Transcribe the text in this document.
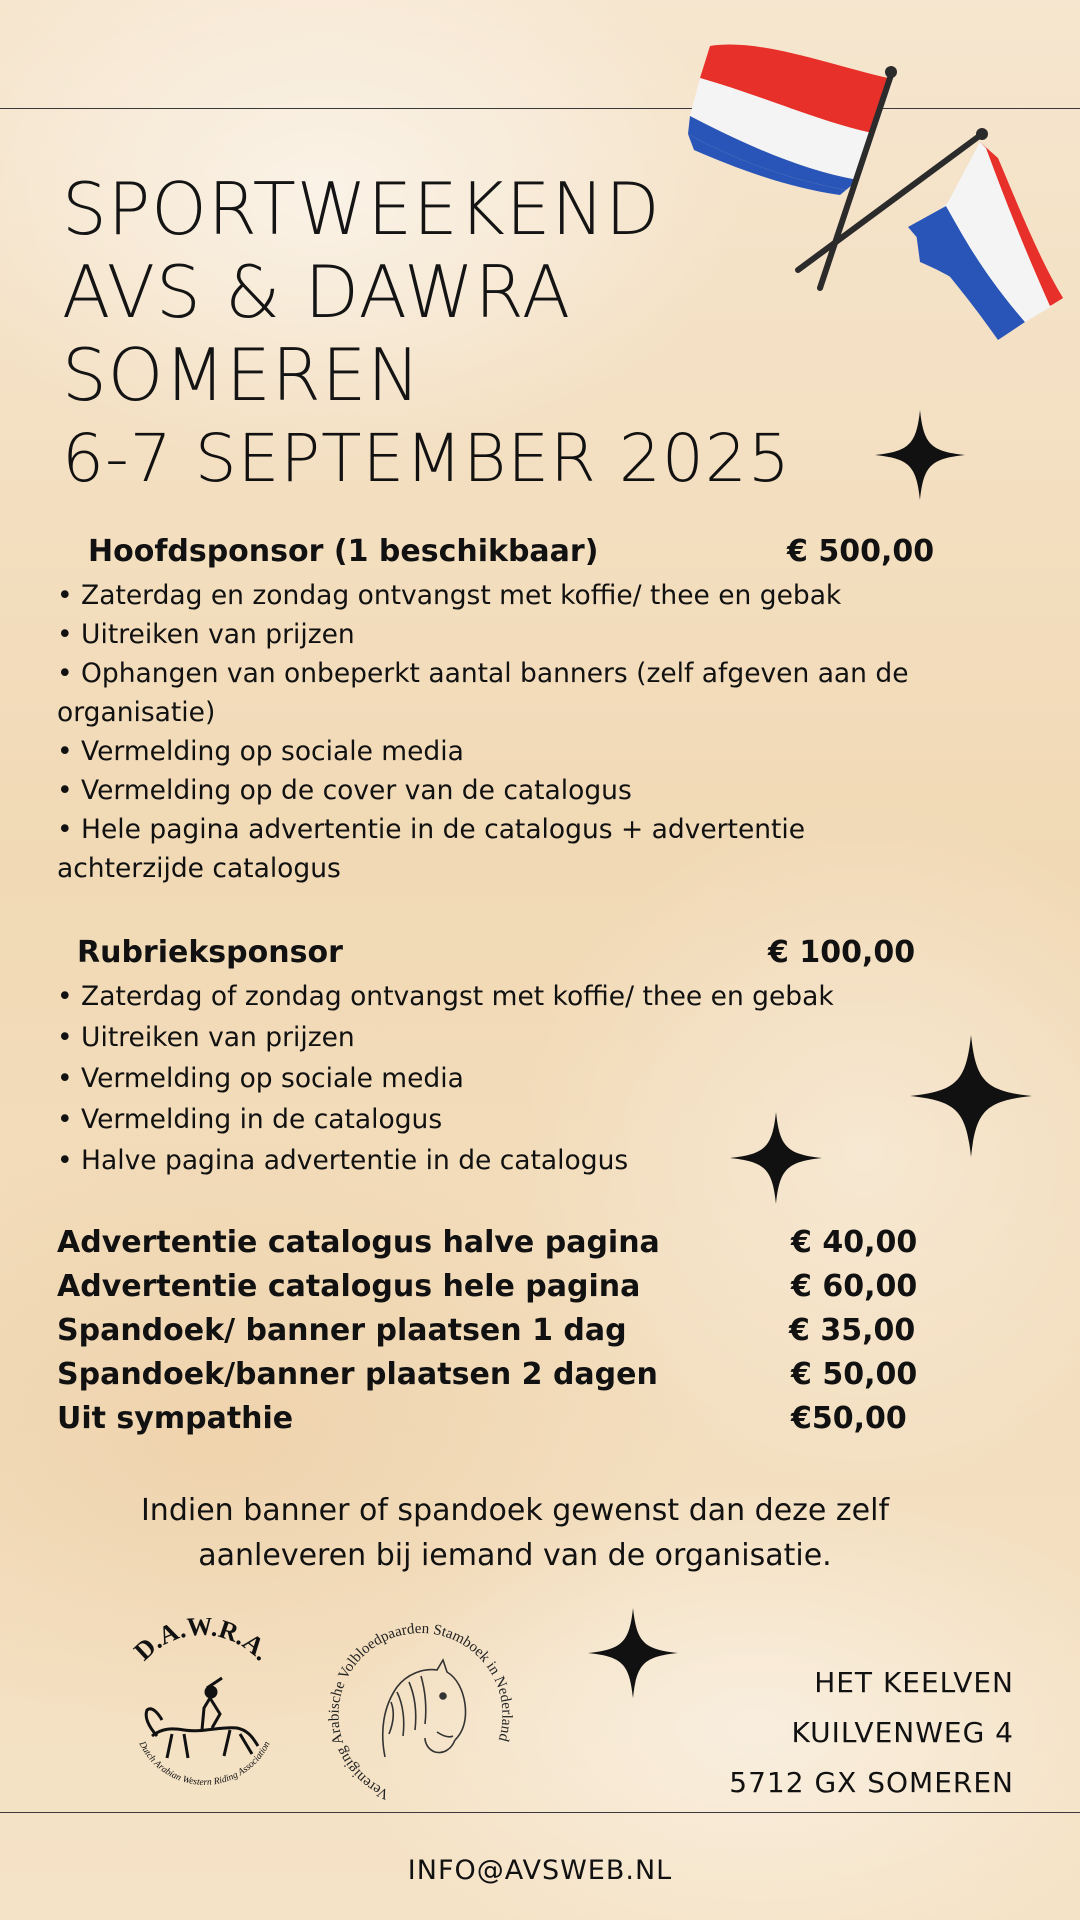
SPORTWEEKEND
AVS & DAWRA
SOMEREN
6-7 SEPTEMBER 2025
Hoofdsponsor (1 beschikbaar)	€ 500,00
• Zaterdag en zondag ontvangst met koffie/ thee en gebak
• Uitreiken van prijzen
• Ophangen van onbeperkt aantal banners (zelf afgeven aan de organisatie)
• Vermelding op sociale media
• Vermelding op de cover van de catalogus
• Hele pagina advertentie in de catalogus + advertentie achterzijde catalogus
Rubrieksponsor	€ 100,00
• Zaterdag of zondag ontvangst met koffie/ thee en gebak
• Uitreiken van prijzen
• Vermelding op sociale media
• Vermelding in de catalogus
• Halve pagina advertentie in de catalogus
Advertentie catalogus halve pagina	€ 40,00
Advertentie catalogus hele pagina	€ 60,00
Spandoek/ banner plaatsen 1 dag	€ 35,00
Spandoek/banner plaatsen 2 dagen	€ 50,00
Uit sympathie	€50,00
Indien banner of spandoek gewenst dan deze zelf aanleveren bij iemand van de organisatie.
D.A.W.R.A.
Dutch Arabian Western Riding Association
Vereniging Arabische Volbloedpaarden Stamboek in Nederland
HET KEELVEN
KUILVENWEG 4
5712 GX SOMEREN
INFO@AVSWEB.NL
